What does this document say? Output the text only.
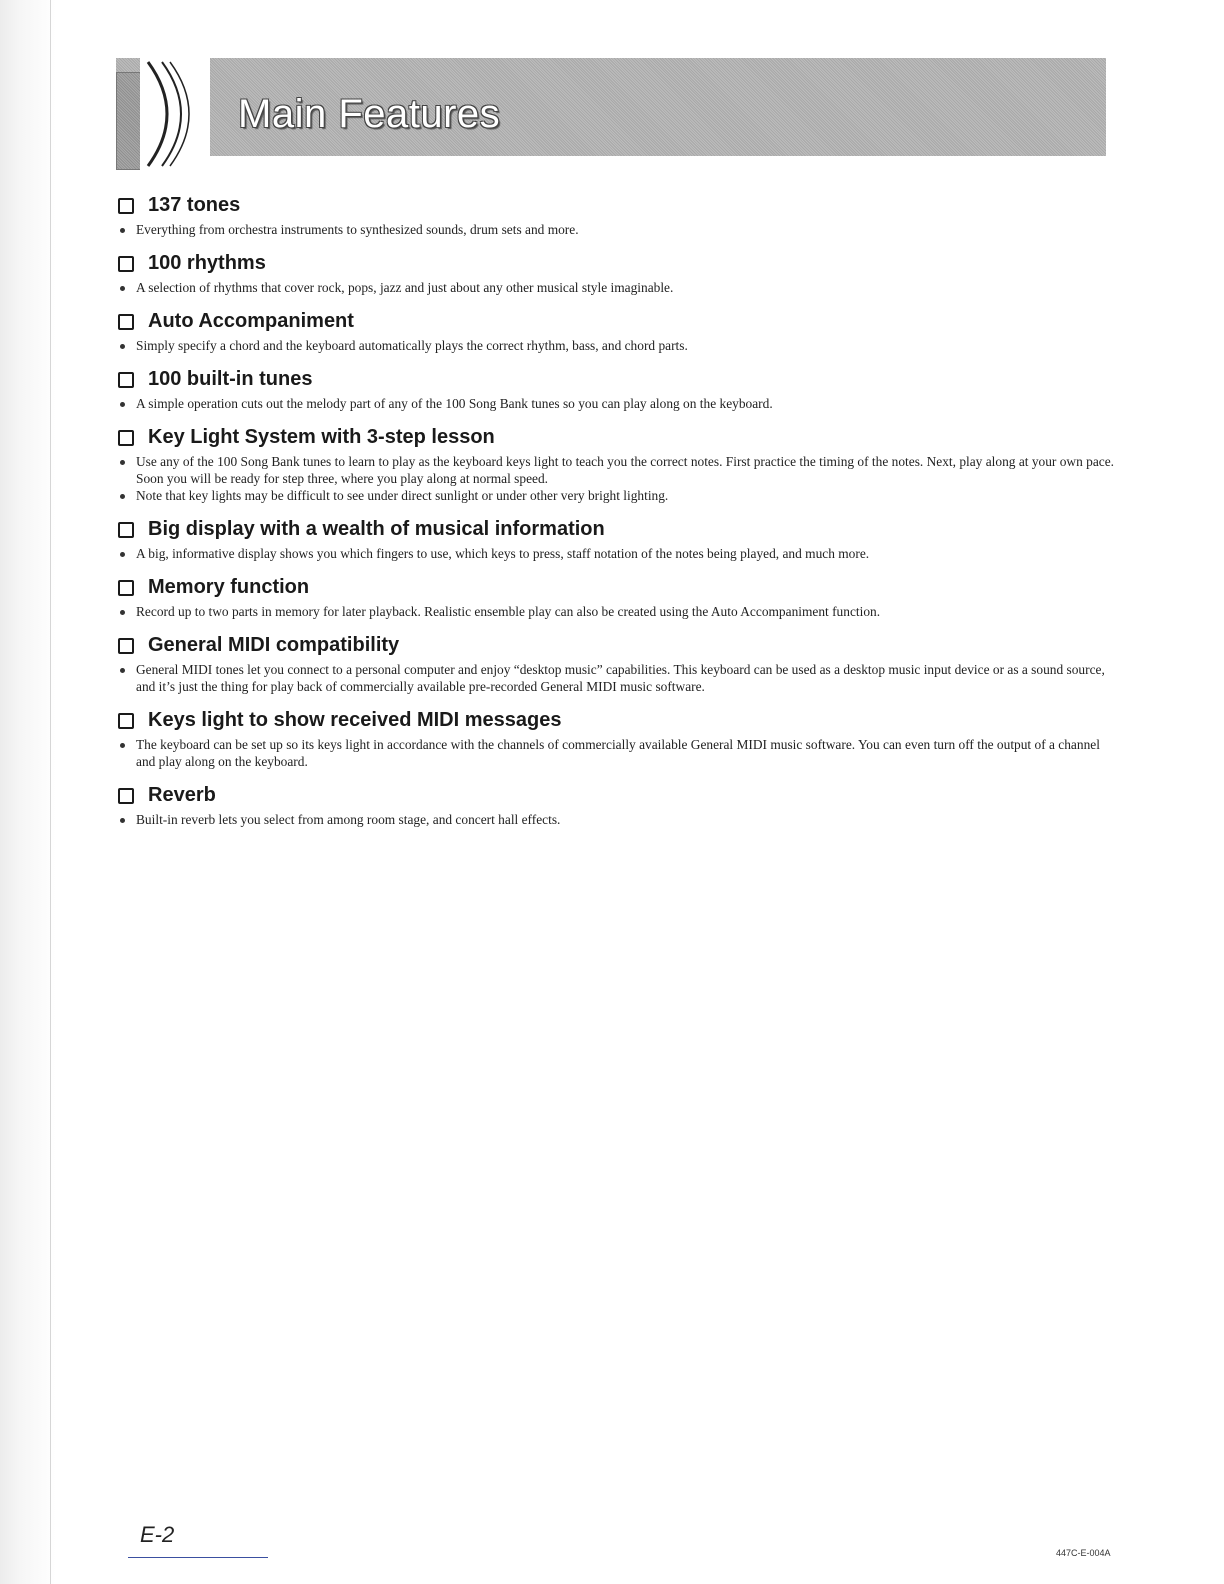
Main Features
137 tones
Everything from orchestra instruments to synthesized sounds, drum sets and more.
100 rhythms
A selection of rhythms that cover rock, pops, jazz and just about any other musical style imaginable.
Auto Accompaniment
Simply specify a chord and the keyboard automatically plays the correct rhythm, bass, and chord parts.
100 built-in tunes
A simple operation cuts out the melody part of any of the 100 Song Bank tunes so you can play along on the keyboard.
Key Light System with 3-step lesson
Use any of the 100 Song Bank tunes to learn to play as the keyboard keys light to teach you the correct notes. First practice the timing of the notes. Next, play along at your own pace. Soon you will be ready for step three, where you play along at normal speed.
Note that key lights may be difficult to see under direct sunlight or under other very bright lighting.
Big display with a wealth of musical information
A big, informative display shows you which fingers to use, which keys to press, staff notation of the notes being played, and much more.
Memory function
Record up to two parts in memory for later playback. Realistic ensemble play can also be created using the Auto Accompaniment function.
General MIDI compatibility
General MIDI tones let you connect to a personal computer and enjoy “desktop music” capabilities. This keyboard can be used as a desktop music input device or as a sound source, and it’s just the thing for play back of commercially available pre-recorded General MIDI music software.
Keys light to show received MIDI messages
The keyboard can be set up so its keys light in accordance with the channels of commercially available General MIDI music software. You can even turn off the output of a channel and play along on the keyboard.
Reverb
Built-in reverb lets you select from among room stage, and concert hall effects.
E-2
447C-E-004A
